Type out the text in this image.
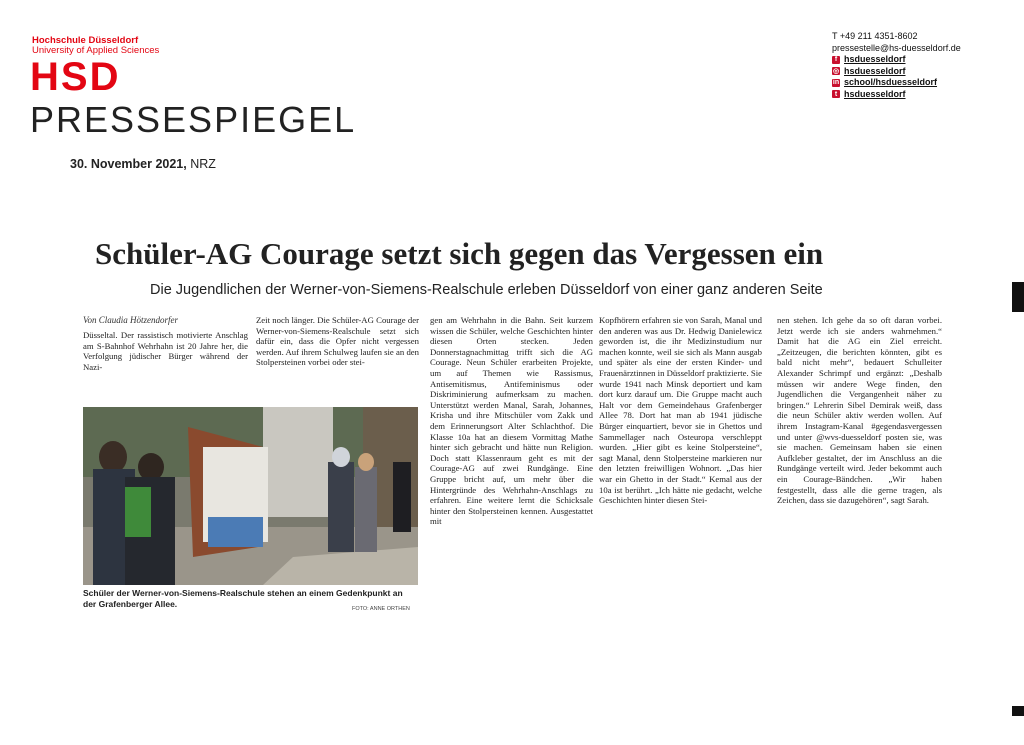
Hochschule Düsseldorf
University of Applied Sciences
HSD
PRESSESPIEGEL
30. November 2021, NRZ
T +49 211 4351-8602
pressestelle@hs-duesseldorf.de
f hsduesseldorf
◎ hsduesseldorf
in school/hsduesseldorf
t hsduesseldorf
Schüler-AG Courage setzt sich gegen das Vergessen ein
Die Jugendlichen der Werner-von-Siemens-Realschule erleben Düsseldorf von einer ganz anderen Seite
Von Claudia Hötzendorfer

Düsseltal. Der rassistisch motivierte Anschlag am S-Bahnhof Wehrhahn ist 20 Jahre her, die Verfolgung jüdischer Bürger während der Nazi-

Zeit noch länger. Die Schüler-AG Courage der Werner-von-Siemens-Realschule setzt sich dafür ein, dass die Opfer nicht vergessen werden. Auf ihrem Schulweg laufen sie an den Stolpersteinen vorbei oder stei-

gen am Wehrhahn in die Bahn. Seit kurzem wissen die Schüler, welche Geschichten hinter diesen Orten stecken. Jeden Donnerstagnachmittag trifft sich die AG Courage. Neun Schüler erarbeiten Projekte, um auf Themen wie Rassismus, Antisemitismus, Antifeminismus oder Diskriminierung aufmerksam zu machen. Unterstützt werden Manal, Sarah, Johannes, Krisha und ihre Mitschüler vom Zakk und dem Erinnerungsort Alter Schlachthof. Die Klasse 10a hat an diesem Vormittag Mathe hinter sich gebracht und hätte nun Religion. Doch statt Klassenraum geht es mit der Courage-AG auf zwei Rundgänge. Eine Gruppe bricht auf, um mehr über die Hintergründe des Wehrhahn-Anschlags zu erfahren. Eine weitere lernt die Schicksale hinter den Stolpersteinen kennen. Ausgestattet mit

Kopfhörern erfahren sie von Sarah, Manal und den anderen was aus Dr. Hedwig Danielewicz geworden ist, die ihr Medizinstudium nur machen konnte, weil sie sich als Mann ausgab und später als eine der ersten Kinder- und Frauenärztinnen in Düsseldorf praktizierte. Sie wurde 1941 nach Minsk deportiert und kam dort kurz darauf um. Die Gruppe macht auch Halt vor dem Gemeindehaus Grafenberger Allee 78. Dort hat man ab 1941 jüdische Bürger einquartiert, bevor sie in Ghettos und Sammellager nach Osteuropa verschleppt wurden. „Hier gibt es keine Stolpersteine“, sagt Manal, denn Stolpersteine markieren nur den letzten freiwilligen Wohnort. „Das hier war ein Ghetto in der Stadt.“ Kemal aus der 10a ist berührt. „Ich hätte nie gedacht, welche Geschichten hinter diesen Stei-

nen stehen. Ich gehe da so oft daran vorbei. Jetzt werde ich sie anders wahrnehmen.“ Damit hat die AG ein Ziel erreicht. „Zeitzeugen, die berichten könnten, gibt es bald nicht mehr“, bedauert Schulleiter Alexander Schrimpf und ergänzt: „Deshalb müssen wir andere Wege finden, den Jugendlichen die Vergangenheit näher zu bringen.“ Lehrerin Sibel Demirak weiß, dass die neun Schüler aktiv werden wollen. Auf ihrem Instagram-Kanal #gegendasvergessen und unter @wvs-duesseldorf posten sie, was sie machen. Gemeinsam haben sie einen Aufkleber gestaltet, der im Anschluss an die Rundgänge verteilt wird. Jeder bekommt auch ein Courage-Bändchen. „Wir haben festgestellt, dass alle die gerne tragen, als Zeichen, dass sie dazugehören“, sagt Sarah.

Schüler der Werner-von-Siemens-Realschule stehen an einem Gedenkpunkt an der Grafenberger Allee.
FOTO: ANNE ORTHEN
